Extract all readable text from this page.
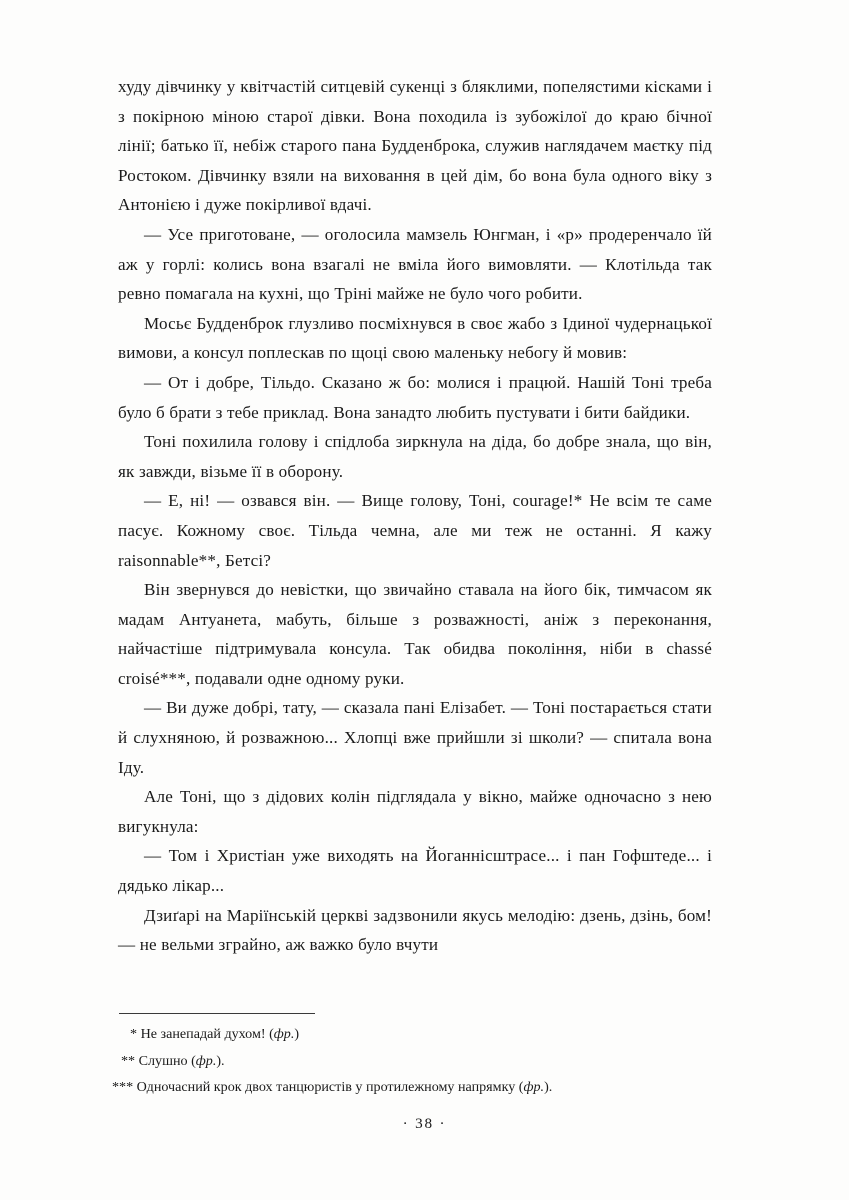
худу дівчинку у квітчастій ситцевій сукенці з бляклими, попелястими кісками і з покірною міною старої дівки. Вона походила із зубожілої до краю бічної лінії; батько її, небіж старого пана Будденброка, служив наглядачем маєтку під Ростоком. Дівчинку взяли на виховання в цей дім, бо вона була одного віку з Антонією і дуже покірливої вдачі.

— Усе приготоване, — оголосила мамзель Юнгман, і «р» продеренчало їй аж у горлі: колись вона взагалі не вміла його вимовляти. — Клотільда так ревно помагала на кухні, що Тріні майже не було чого робити.

Мосьє Будденброк глузливо посміхнувся в своє жабо з Ідиної чудернацької вимови, а консул поплескав по щоці свою маленьку небогу й мовив:

— От і добре, Тільдо. Сказано ж бо: молися і працюй. Нашій Тоні треба було б брати з тебе приклад. Вона занадто любить пустувати і бити байдики.

Тоні похилила голову і спідлоба зиркнула на діда, бо добре знала, що він, як завжди, візьме її в оборону.

— Е, ні! — озвався він. — Вище голову, Тоні, courage!* Не всім те саме пасує. Кожному своє. Тільда чемна, але ми теж не останні. Я кажу raisonnable**, Бетсі?

Він звернувся до невістки, що звичайно ставала на його бік, тимчасом як мадам Антуанета, мабуть, більше з розважності, аніж з переконання, найчастіше підтримувала консула. Так обидва покоління, ніби в chassé croisé***, подавали одне одному руки.

— Ви дуже добрі, тату, — сказала пані Елізабет. — Тоні постарається стати й слухняною, й розважною... Хлопці вже прийшли зі школи? — спитала вона Іду.

Але Тоні, що з дідових колін підглядала у вікно, майже одночасно з нею вигукнула:

— Том і Христіан уже виходять на Йоганнісштрасе... і пан Гофштеде... і дядько лікар...

Дзиґарі на Маріїнській церкві задзвонили якусь мелодію: дзень, дзінь, бом! — не вельми зграйно, аж важко було вчути

* Не занепадай духом! (фр.)

** Слушно (фр.).

*** Одночасний крок двох танцюристів у протилежному напрямку (фр.).

· 38 ·
